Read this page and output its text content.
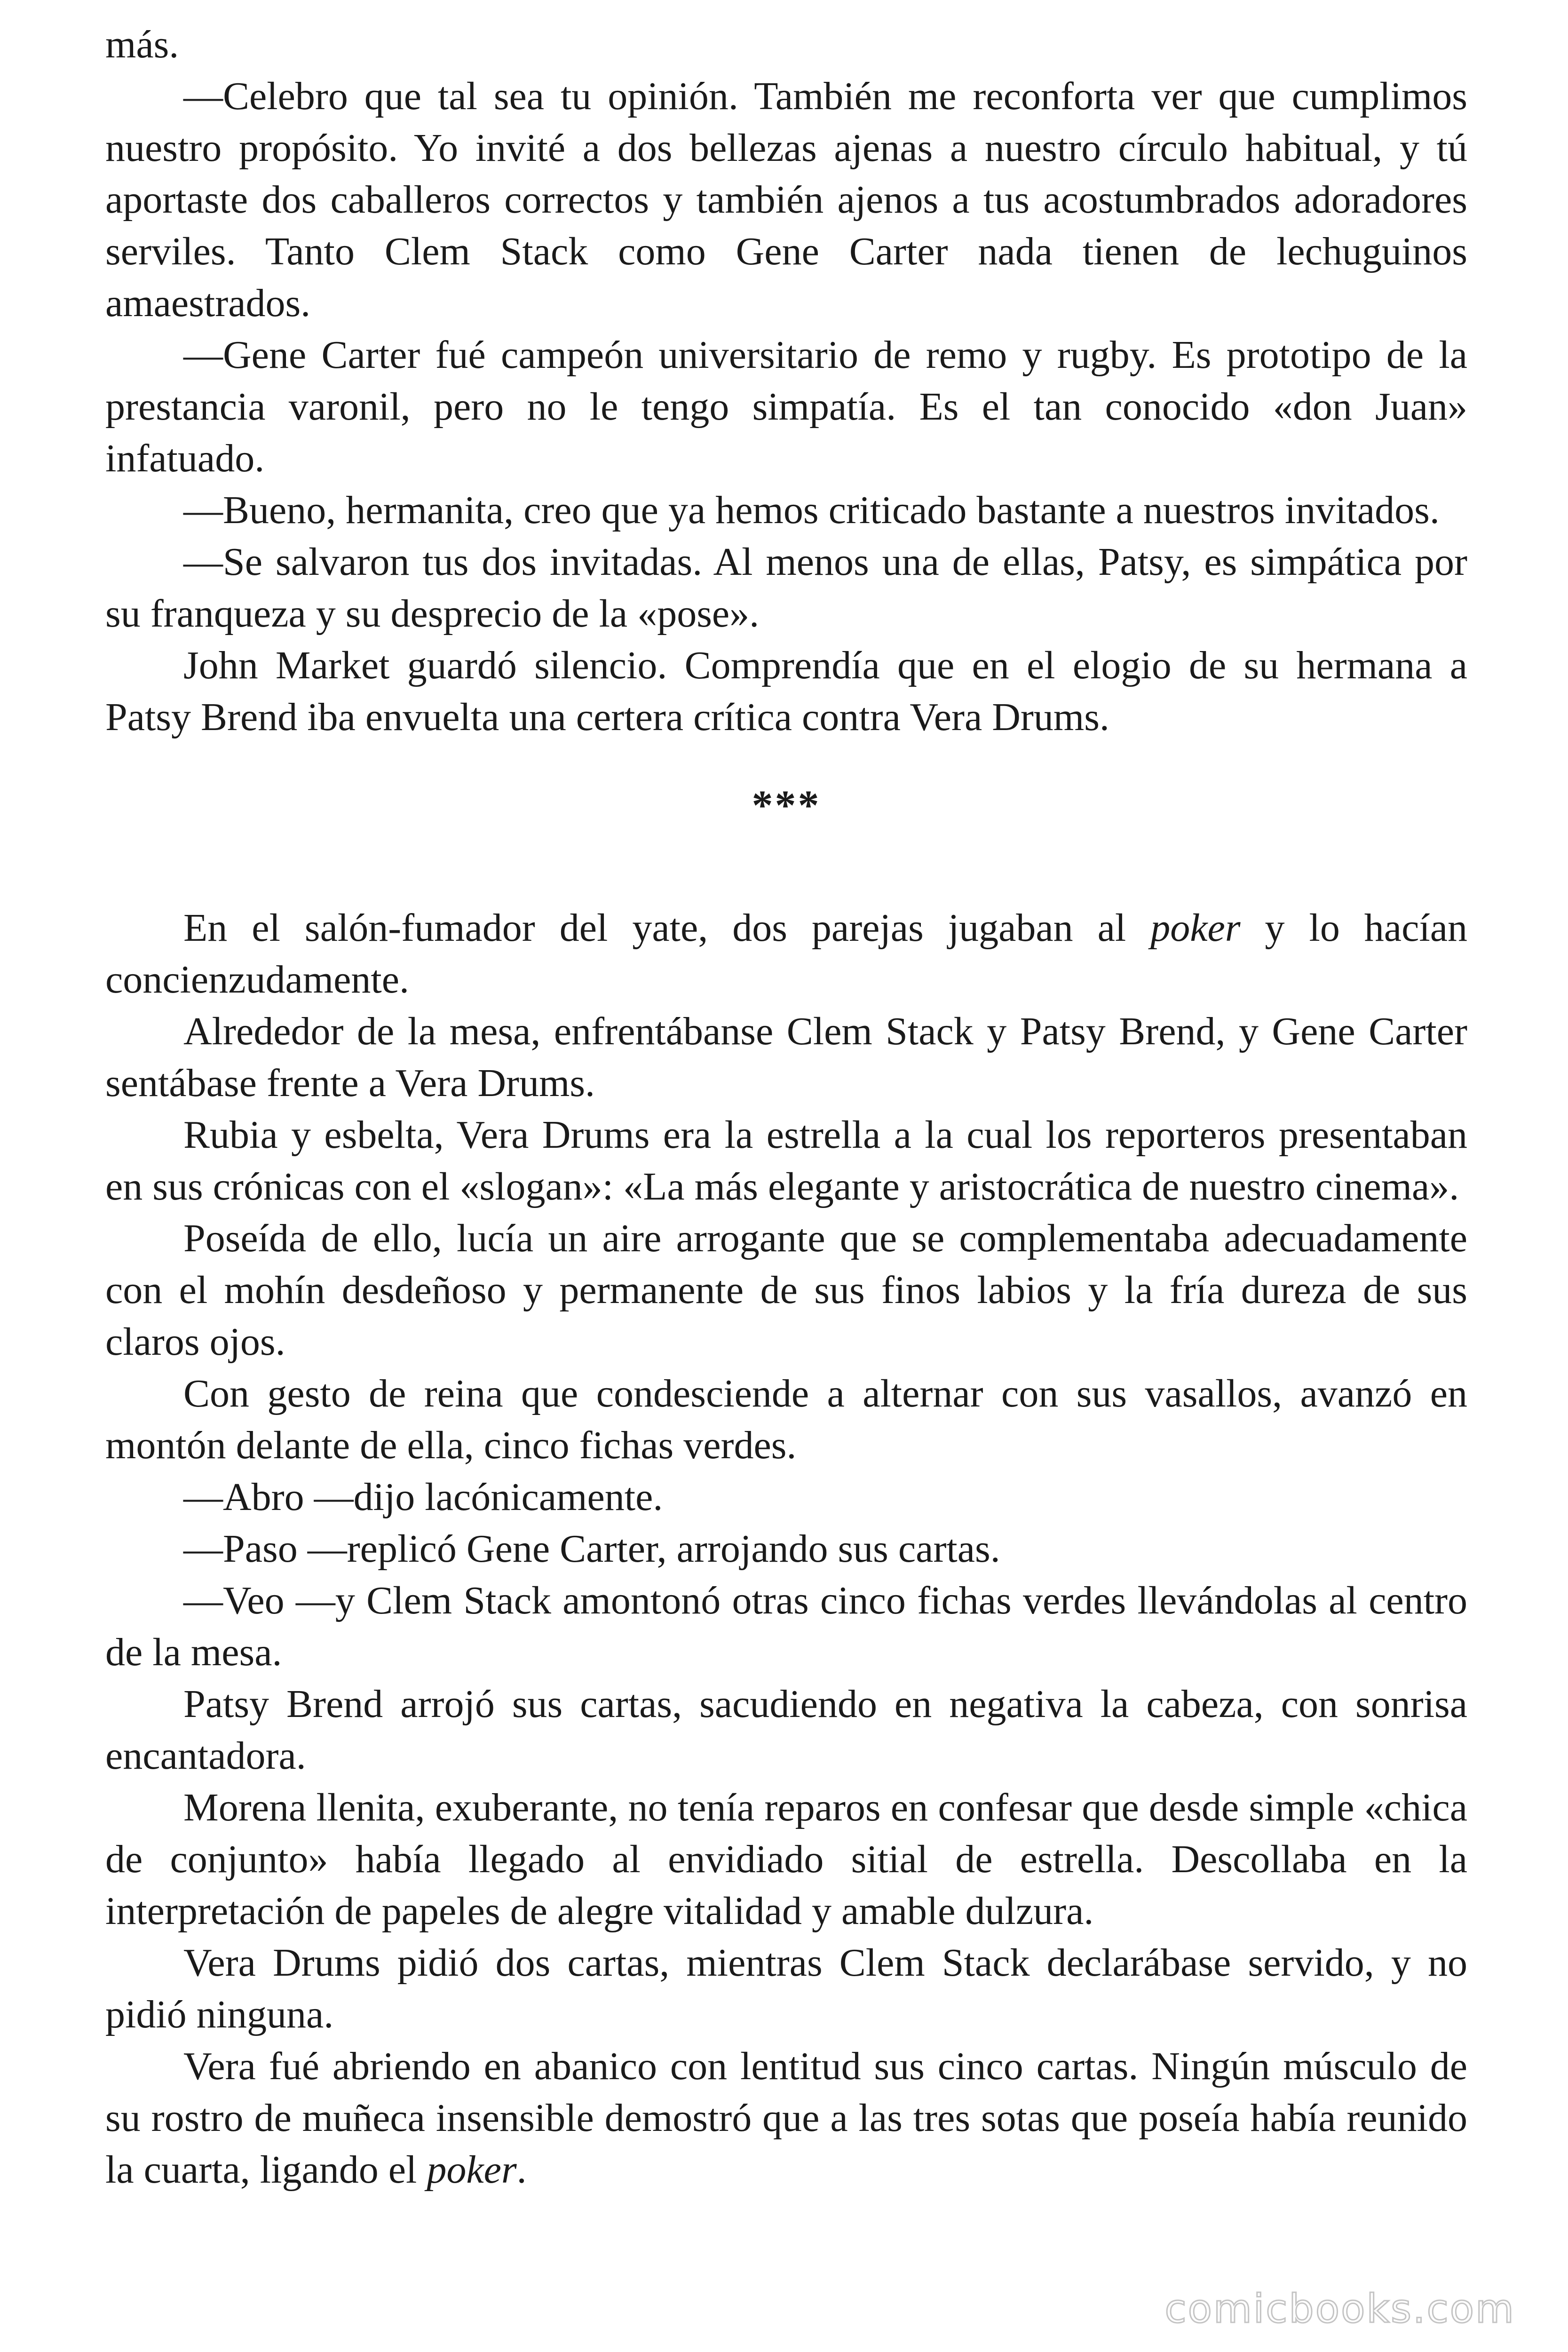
más.

—Celebro que tal sea tu opinión. También me reconforta ver que cumplimos nuestro propósito. Yo invité a dos bellezas ajenas a nuestro círculo habitual, y tú aportaste dos caballeros correctos y también ajenos a tus acostumbrados adoradores serviles. Tanto Clem Stack como Gene Carter nada tienen de lechuguinos amaestrados.

—Gene Carter fué campeón universitario de remo y rugby. Es prototipo de la prestancia varonil, pero no le tengo simpatía. Es el tan conocido «don Juan» infatuado.

—Bueno, hermanita, creo que ya hemos criticado bastante a nuestros invitados.

—Se salvaron tus dos invitadas. Al menos una de ellas, Patsy, es simpática por su franqueza y su desprecio de la «pose».

John Market guardó silencio. Comprendía que en el elogio de su hermana a Patsy Brend iba envuelta una certera crítica contra Vera Drums.

***

En el salón-fumador del yate, dos parejas jugaban al poker y lo hacían concienzudamente.

Alrededor de la mesa, enfrentábanse Clem Stack y Patsy Brend, y Gene Carter sentábase frente a Vera Drums.

Rubia y esbelta, Vera Drums era la estrella a la cual los reporteros presentaban en sus crónicas con el «slogan»: «La más elegante y aristocrática de nuestro cinema».

Poseída de ello, lucía un aire arrogante que se complementaba adecuadamente con el mohín desdeñoso y permanente de sus finos labios y la fría dureza de sus claros ojos.

Con gesto de reina que condesciende a alternar con sus vasallos, avanzó en montón delante de ella, cinco fichas verdes.

—Abro —dijo lacónicamente.

—Paso —replicó Gene Carter, arrojando sus cartas.

—Veo —y Clem Stack amontonó otras cinco fichas verdes llevándolas al centro de la mesa.

Patsy Brend arrojó sus cartas, sacudiendo en negativa la cabeza, con sonrisa encantadora.

Morena llenita, exuberante, no tenía reparos en confesar que desde simple «chica de conjunto» había llegado al envidiado sitial de estrella. Descollaba en la interpretación de papeles de alegre vitalidad y amable dulzura.

Vera Drums pidió dos cartas, mientras Clem Stack declarábase servido, y no pidió ninguna.

Vera fué abriendo en abanico con lentitud sus cinco cartas. Ningún músculo de su rostro de muñeca insensible demostró que a las tres sotas que poseía había reunido la cuarta, ligando el poker.

comicbooks.com
